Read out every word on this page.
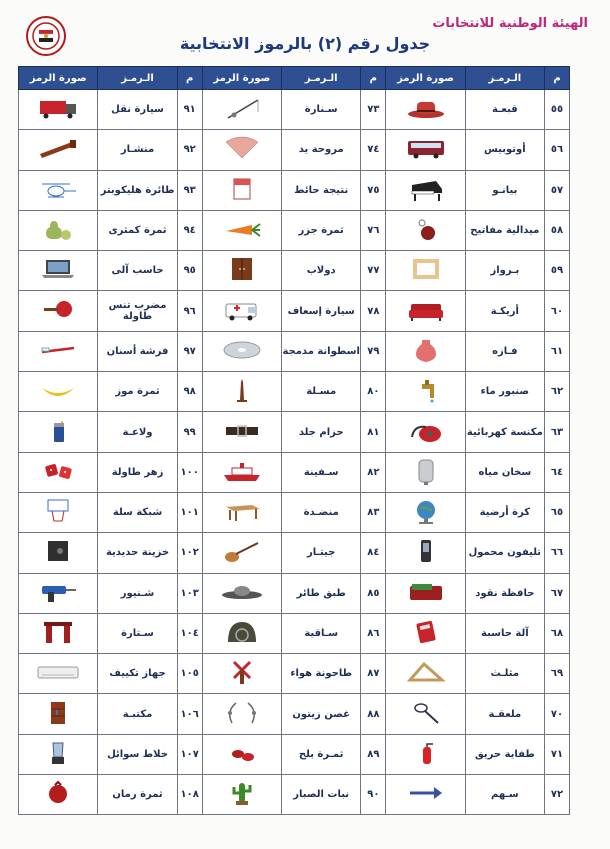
الهيئة الوطنية للانتخابات
جدول رقم (٢) بالرموز الانتخابية
م	الـرمـز	صورة الرمز	م	الـرمـز	صورة الرمز	م	الـرمـز	صورة الرمز
٥٥	قبعـة		٧٣	سـنارة		٩١	سيارة نقل	

٥٦	أوتوبيس		٧٤	مروحة يد		٩٢	منشـار	

٥٧	بيانـو		٧٥	نتيجة حائط		٩٣	طائرة هليكوبتر	

٥٨	ميدالية مفاتيح		٧٦	ثمرة جزر		٩٤	ثمرة كمثرى	

٥٩	بـرواز		٧٧	دولاب		٩٥	حاسب آلى	

٦٠	أريكـة		٧٨	سيارة إسعاف		٩٦	مضرب تنس طاولة	

٦١	فـازه		٧٩	اسطوانة مدمجة		٩٧	فرشة أسنان	

٦٢	صنبور ماء		٨٠	مسـلة		٩٨	ثمرة موز	

٦٣	مكنسة كهربائية		٨١	حزام جلد		٩٩	ولاعـة	

٦٤	سخان مياه		٨٢	سـفينة		١٠٠	زهر طاولة	

٦٥	كرة أرضية		٨٣	منضـدة		١٠١	شبكة سلة	

٦٦	تليفون محمول		٨٤	جيتـار		١٠٢	خزينة حديدية	

٦٧	حافظة نقود		٨٥	طبق طائر		١٠٣	شـنيور	

٦٨	آلة حاسبة		٨٦	سـاقية		١٠٤	سـتارة	

٦٩	مثلـث		٨٧	طاحونة هواء		١٠٥	جهاز تكييف	

٧٠	ملعقـة		٨٨	غصن زيتون		١٠٦	مكتبـة	

٧١	طفاية حريق		٨٩	ثمـرة بلح		١٠٧	خلاط سوائل	

٧٢	سـهم		٩٠	نبات الصبار		١٠٨	ثمرة رمان	
